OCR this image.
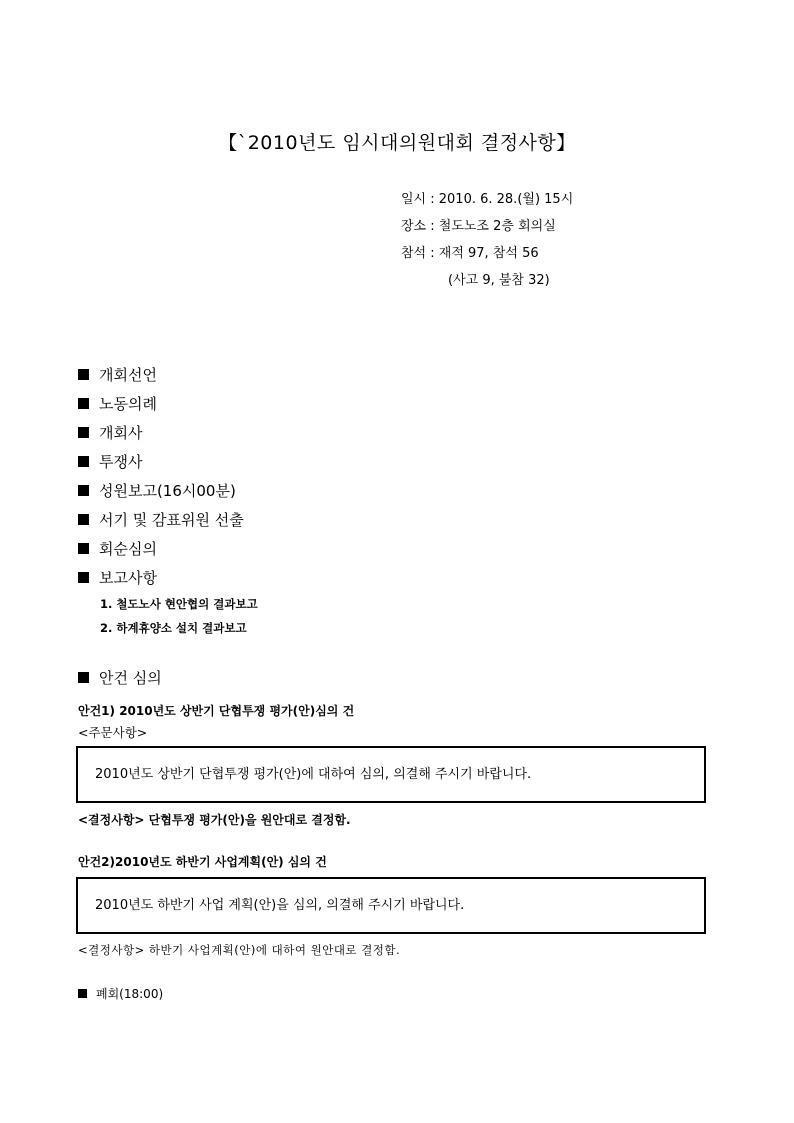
【`2010년도 임시대의원대회 결정사항】
일시 : 2010. 6. 28.(월) 15시
장소 : 철도노조 2층 회의실
참석 : 재적 97, 참석 56
(사고 9, 불참 32)
개회선언
노동의례
개회사
투쟁사
성원보고(16시00분)
서기 및 감표위원 선출
회순심의
보고사항
1. 철도노사 현안협의 결과보고
2. 하계휴양소 설치 결과보고
안건 심의
안건1) 2010년도 상반기 단협투쟁 평가(안)심의 건
<주문사항>
2010년도 상반기 단협투쟁 평가(안)에 대하여 심의, 의결해 주시기 바랍니다.
<결정사항> 단협투쟁 평가(안)을 원안대로 결정함.
안건2)2010년도 하반기 사업계획(안) 심의 건
2010년도 하반기 사업 계획(안)을 심의, 의결해 주시기 바랍니다.
<결정사항> 하반기 사업계획(안)에 대하여 원안대로 결정함.
폐회(18:00)
